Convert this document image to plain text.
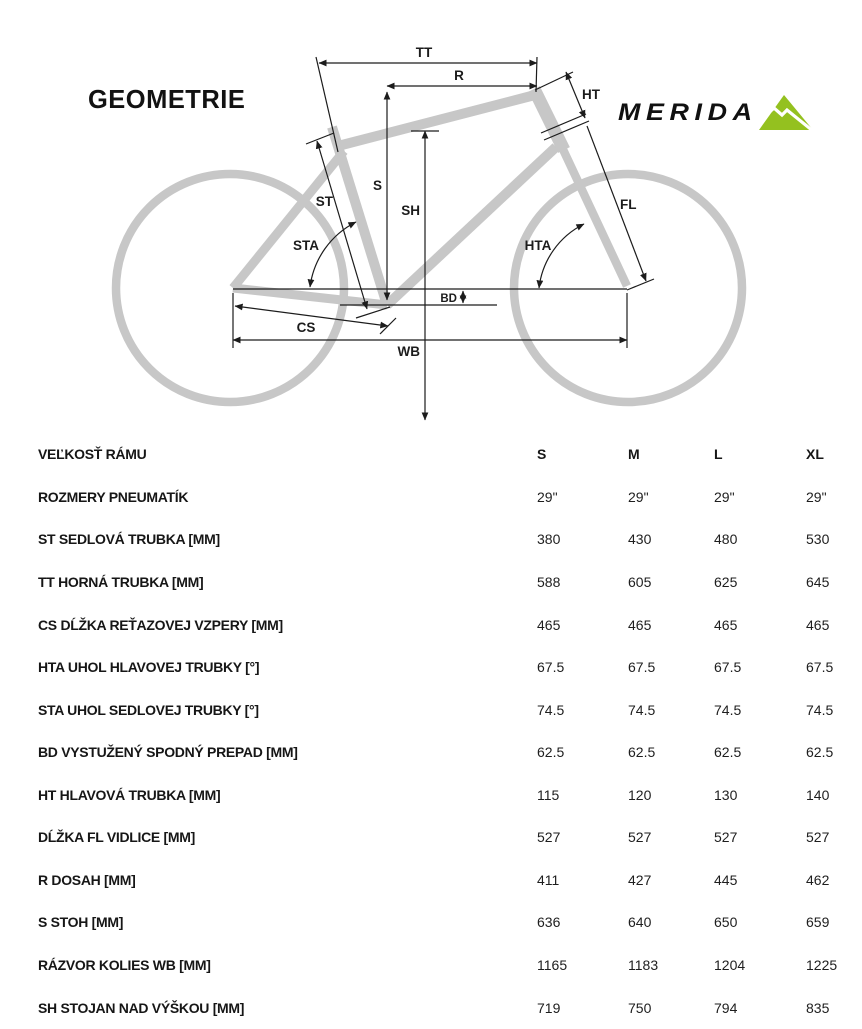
GEOMETRIE	MERIDA
TT
R
HT
ST
S
SH
STA
FL
HTA
BD
CS
WB
VEĽKOSŤ RÁMU	S	M	L	XL
ROZMERY PNEUMATÍK	29"	29"	29"	29"
ST SEDLOVÁ TRUBKA [MM]	380	430	480	530
TT HORNÁ TRUBKA [MM]	588	605	625	645
CS DĹŽKA REŤAZOVEJ VZPERY [MM]	465	465	465	465
HTA UHOL HLAVOVEJ TRUBKY [°]	67.5	67.5	67.5	67.5
STA UHOL SEDLOVEJ TRUBKY [°]	74.5	74.5	74.5	74.5
BD VYSTUŽENÝ SPODNÝ PREPAD [MM]	62.5	62.5	62.5	62.5
HT HLAVOVÁ TRUBKA [MM]	115	120	130	140
DĹŽKA FL VIDLICE [MM]	527	527	527	527
R DOSAH [MM]	411	427	445	462
S STOH [MM]	636	640	650	659
RÁZVOR KOLIES WB [MM]	1165	1183	1204	1225
SH STOJAN NAD VÝŠKOU [MM]	719	750	794	835
